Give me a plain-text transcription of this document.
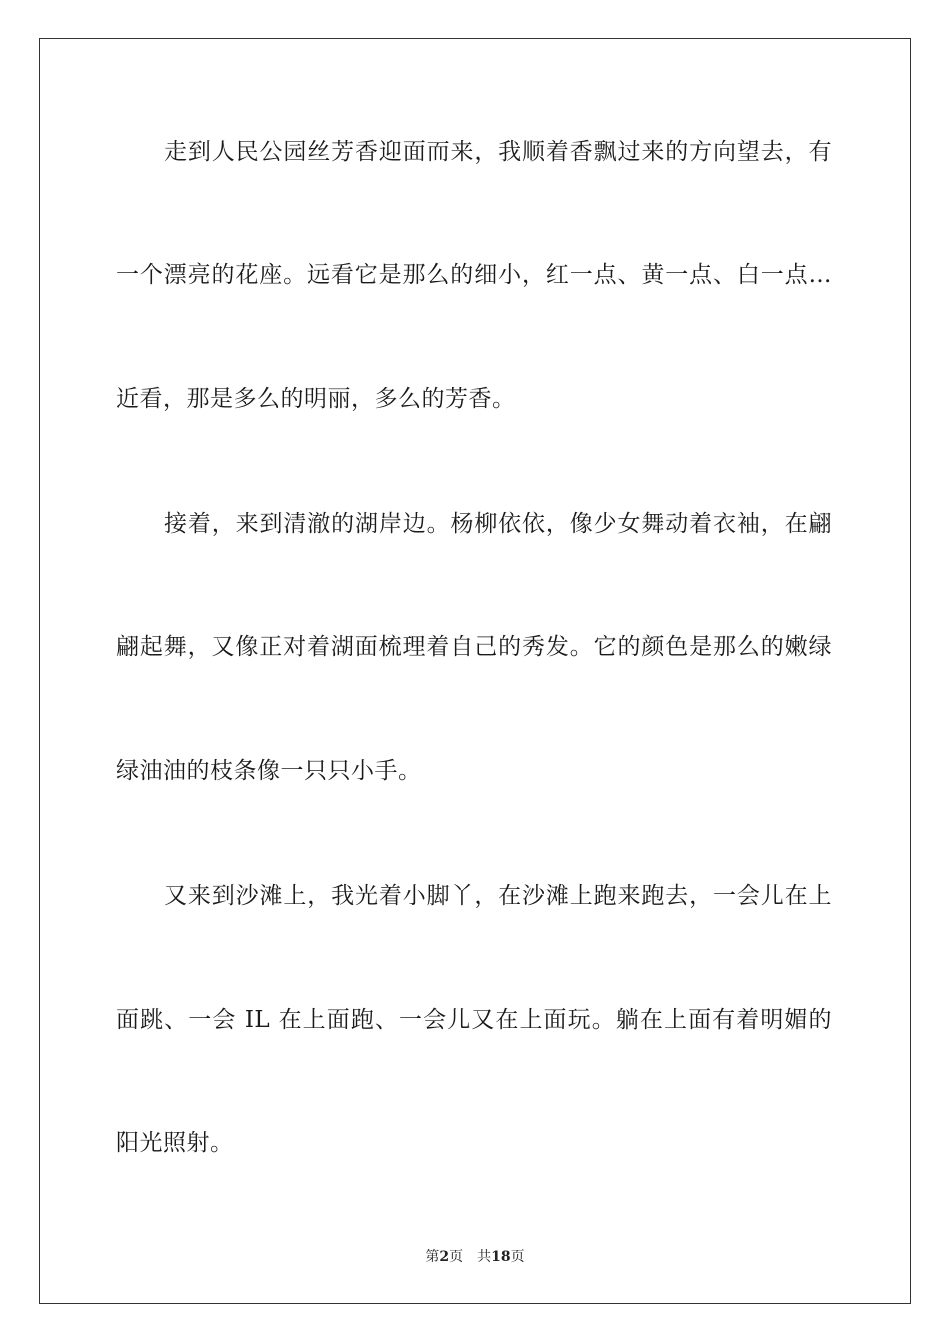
走到人民公园丝芳香迎面而来，我顺着香飘过来的方向望去，有
一个漂亮的花座。远看它是那么的细小，红一点、黄一点、白一点…
近看，那是多么的明丽，多么的芳香。
接着，来到清澈的湖岸边。杨柳依依，像少女舞动着衣袖，在翩
翩起舞，又像正对着湖面梳理着自己的秀发。它的颜色是那么的嫩绿
绿油油的枝条像一只只小手。
又来到沙滩上，我光着小脚丫，在沙滩上跑来跑去，一会儿在上
面跳、一会 IL 在上面跑、一会儿又在上面玩。躺在上面有着明媚的
阳光照射。
第2页 共18页
